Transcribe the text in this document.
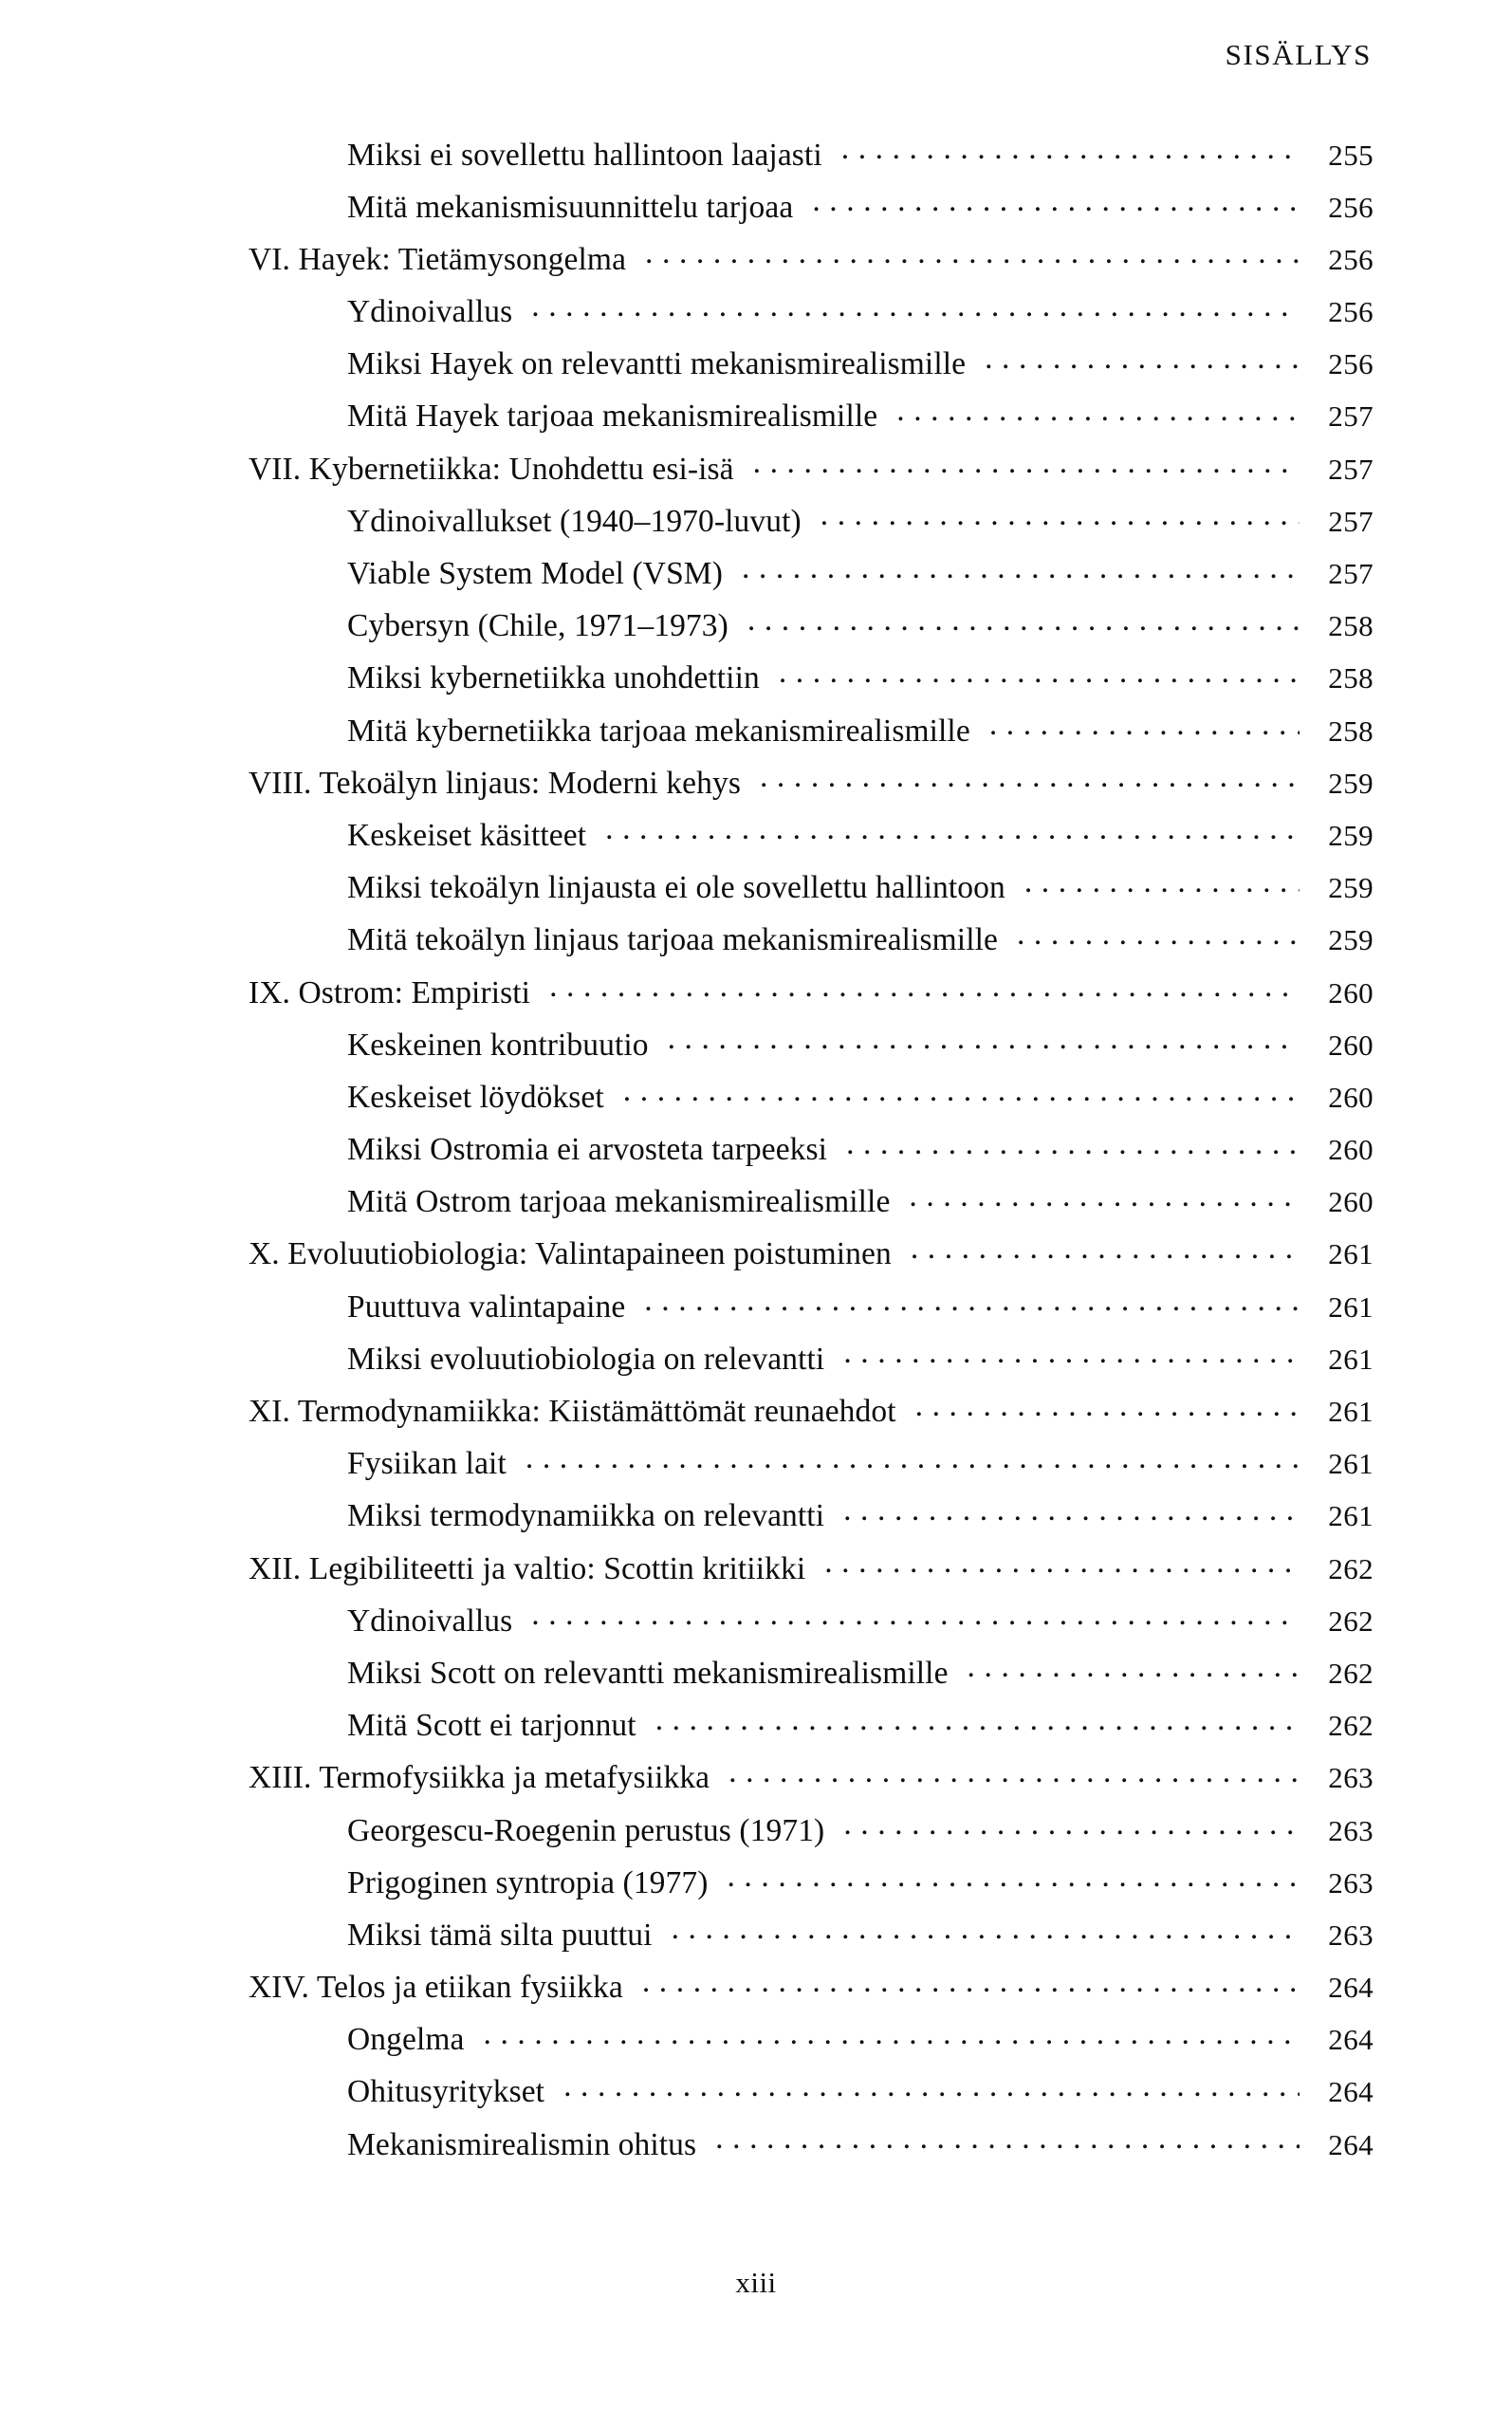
SISÄLLYS
Miksi ei sovellettu hallintoon laajasti . . .	255
Mitä mekanismisuunnittelu tarjoaa . . .	256
VI. Hayek: Tietämysongelma . . .	256
Ydinoivallus . . .	256
Miksi Hayek on relevantti mekanismirealismille . . .	256
Mitä Hayek tarjoaa mekanismirealismille . . .	257
VII. Kybernetiikka: Unohdettu esi-isä . . .	257
Ydinoivallukset (1940–1970-luvut) . . .	257
Viable System Model (VSM) . . .	257
Cybersyn (Chile, 1971–1973) . . .	258
Miksi kybernetiikka unohdettiin . . .	258
Mitä kybernetiikka tarjoaa mekanismirealismille . . .	258
VIII. Tekoälyn linjaus: Moderni kehys . . .	259
Keskeiset käsitteet . . .	259
Miksi tekoälyn linjausta ei ole sovellettu hallintoon . . .	259
Mitä tekoälyn linjaus tarjoaa mekanismirealismille . . .	259
IX. Ostrom: Empiristi . . .	260
Keskeinen kontribuutio . . .	260
Keskeiset löydökset . . .	260
Miksi Ostromia ei arvosteta tarpeeksi . . .	260
Mitä Ostrom tarjoaa mekanismirealismille . . .	260
X. Evoluutiobiologia: Valintapaineen poistuminen . . .	261
Puuttuva valintapaine . . .	261
Miksi evoluutiobiologia on relevantti . . .	261
XI. Termodynamiikka: Kiistämättömät reunaehdot . . .	261
Fysiikan lait . . .	261
Miksi termodynamiikka on relevantti . . .	261
XII. Legibiliteetti ja valtio: Scottin kritiikki . . .	262
Ydinoivallus . . .	262
Miksi Scott on relevantti mekanismirealismille . . .	262
Mitä Scott ei tarjonnut . . .	262
XIII. Termofysiikka ja metafysiikka . . .	263
Georgescu-Roegenin perustus (1971) . . .	263
Prigoginen syntropia (1977) . . .	263
Miksi tämä silta puuttui . . .	263
XIV. Telos ja etiikan fysiikka . . .	264
Ongelma . . .	264
Ohitusyritykset . . .	264
Mekanismirealismin ohitus . . .	264
xiii
